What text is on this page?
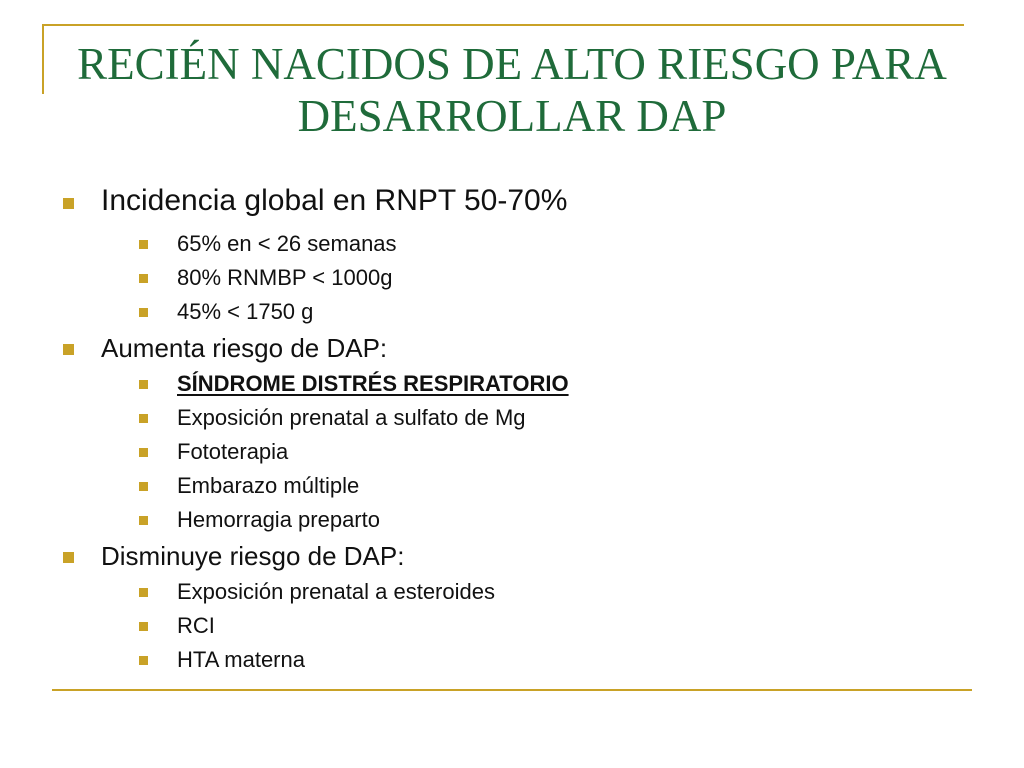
RECIÉN NACIDOS DE ALTO RIESGO PARA
DESARROLLAR DAP

Incidencia global en RNPT 50-70%

65% en < 26 semanas

80% RNMBP < 1000g

45% < 1750 g

Aumenta riesgo de DAP:

SÍNDROME DISTRÉS RESPIRATORIO

Exposición prenatal a sulfato de Mg

Fototerapia

Embarazo múltiple

Hemorragia preparto

Disminuye riesgo de DAP:

Exposición prenatal a esteroides

RCI

HTA materna
